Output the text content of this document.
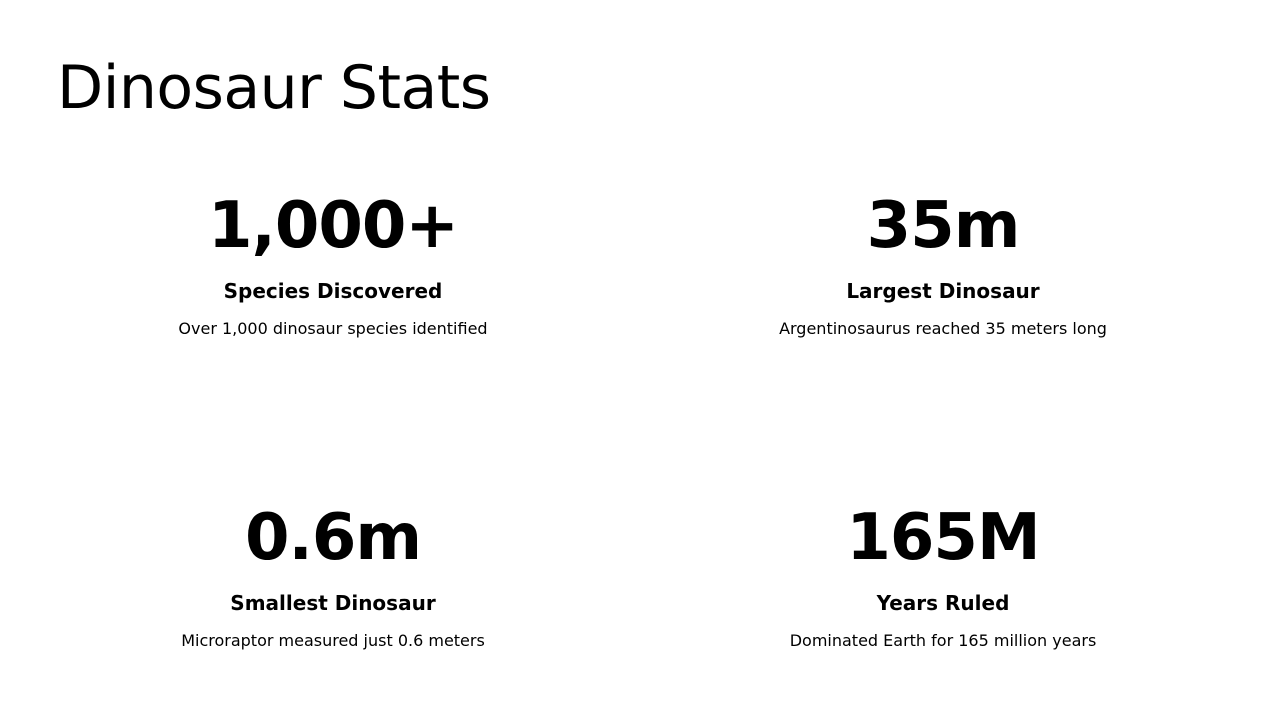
Dinosaur Stats
1,000+
Species Discovered
Over 1,000 dinosaur species identified
35m
Largest Dinosaur
Argentinosaurus reached 35 meters long
0.6m
Smallest Dinosaur
Microraptor measured just 0.6 meters
165M
Years Ruled
Dominated Earth for 165 million years
